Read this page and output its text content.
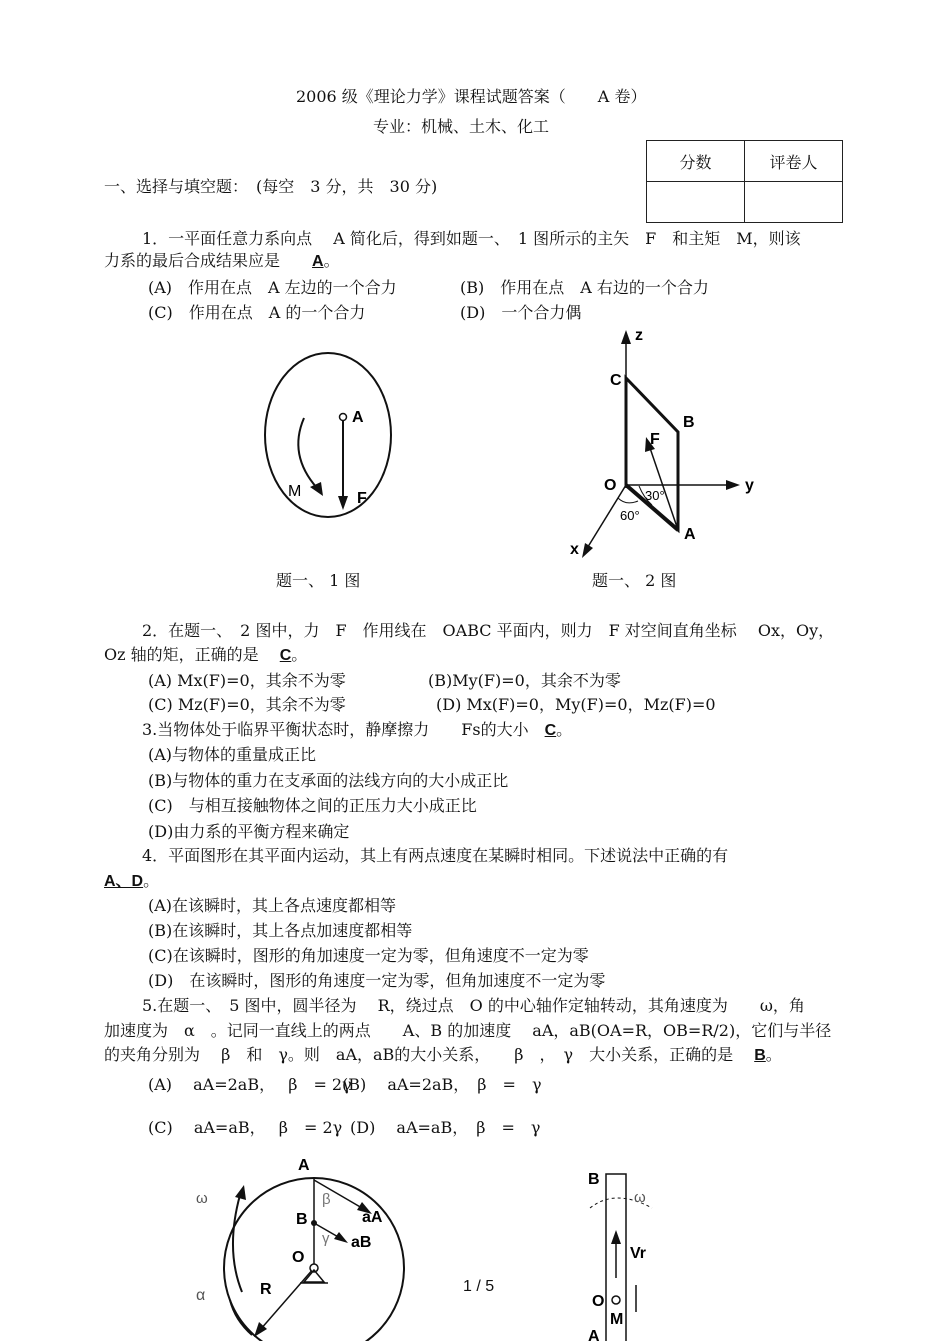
2006 级《理论力学》课程试题答案（　　A 卷）
专业：机械、土木、化工
分数	评卷人

一、选择与填空题：　(每空　3 分，共　30 分)
1．一平面任意力系向点　 A 简化后，得到如题一、　1 图所示的主矢　F　和主矩　M，则该
力系的最后合成结果应是　　 A。
(A)　作用在点　A 左边的一个合力	(B)　作用在点　A 右边的一个合力
(C)　作用在点　A 的一个合力	(D)　一个合力偶
A
M	F
题一、 1 图
z
y
x
C
B
F
O
30°
60°
A
题一、 2 图
2．在题一、　2 图中，力　F　作用线在　OABC 平面内，则力　F 对空间直角坐标　 Ox，Oy，
Oz 轴的矩，正确的是　 C。
(A) Mx(F)=0，其余不为零	(B)My(F)=0，其余不为零
(C) Mz(F)=0，其余不为零	(D) Mx(F)=0，My(F)=0，Mz(F)=0
3.当物体处于临界平衡状态时，静摩擦力　　Fs的大小　 C。
(A)与物体的重量成正比
(B)与物体的重力在支承面的法线方向的大小成正比
(C)　与相互接触物体之间的正压力大小成正比
(D)由力系的平衡方程来确定
4．平面图形在其平面内运动，其上有两点速度在某瞬时相同。下述说法中正确的有
A、D。
(A)在该瞬时，其上各点速度都相等
(B)在该瞬时，其上各点加速度都相等
(C)在该瞬时，图形的角加速度一定为零，但角速度不一定为零
(D)　在该瞬时，图形的角速度一定为零，但角加速度不一定为零
5.在题一、　5 图中，圆半径为　 R，绕过点　O 的中心轴作定轴转动，其角速度为　　ω，角
加速度为　α　。记同一直线上的两点　　A、B 的加速度　 aA，aB(OA=R，OB=R/2)，它们与半径
的夹角分别为　 β　和　γ。则　aA，aB的大小关系，　　β　，　γ　大小关系，正确的是　 B。
(A)　 aA=2aB，　 β　= 2γ
(B)　 aA=2aB，　β　=　γ
(C)　 aA=aB，　 β　= 2γ (D)　 aA=aB，　β　=　γ
A
B
O
R
ω
α
β
γ
aA
aB
B
ω
Vr
O
M
A
1 / 5
